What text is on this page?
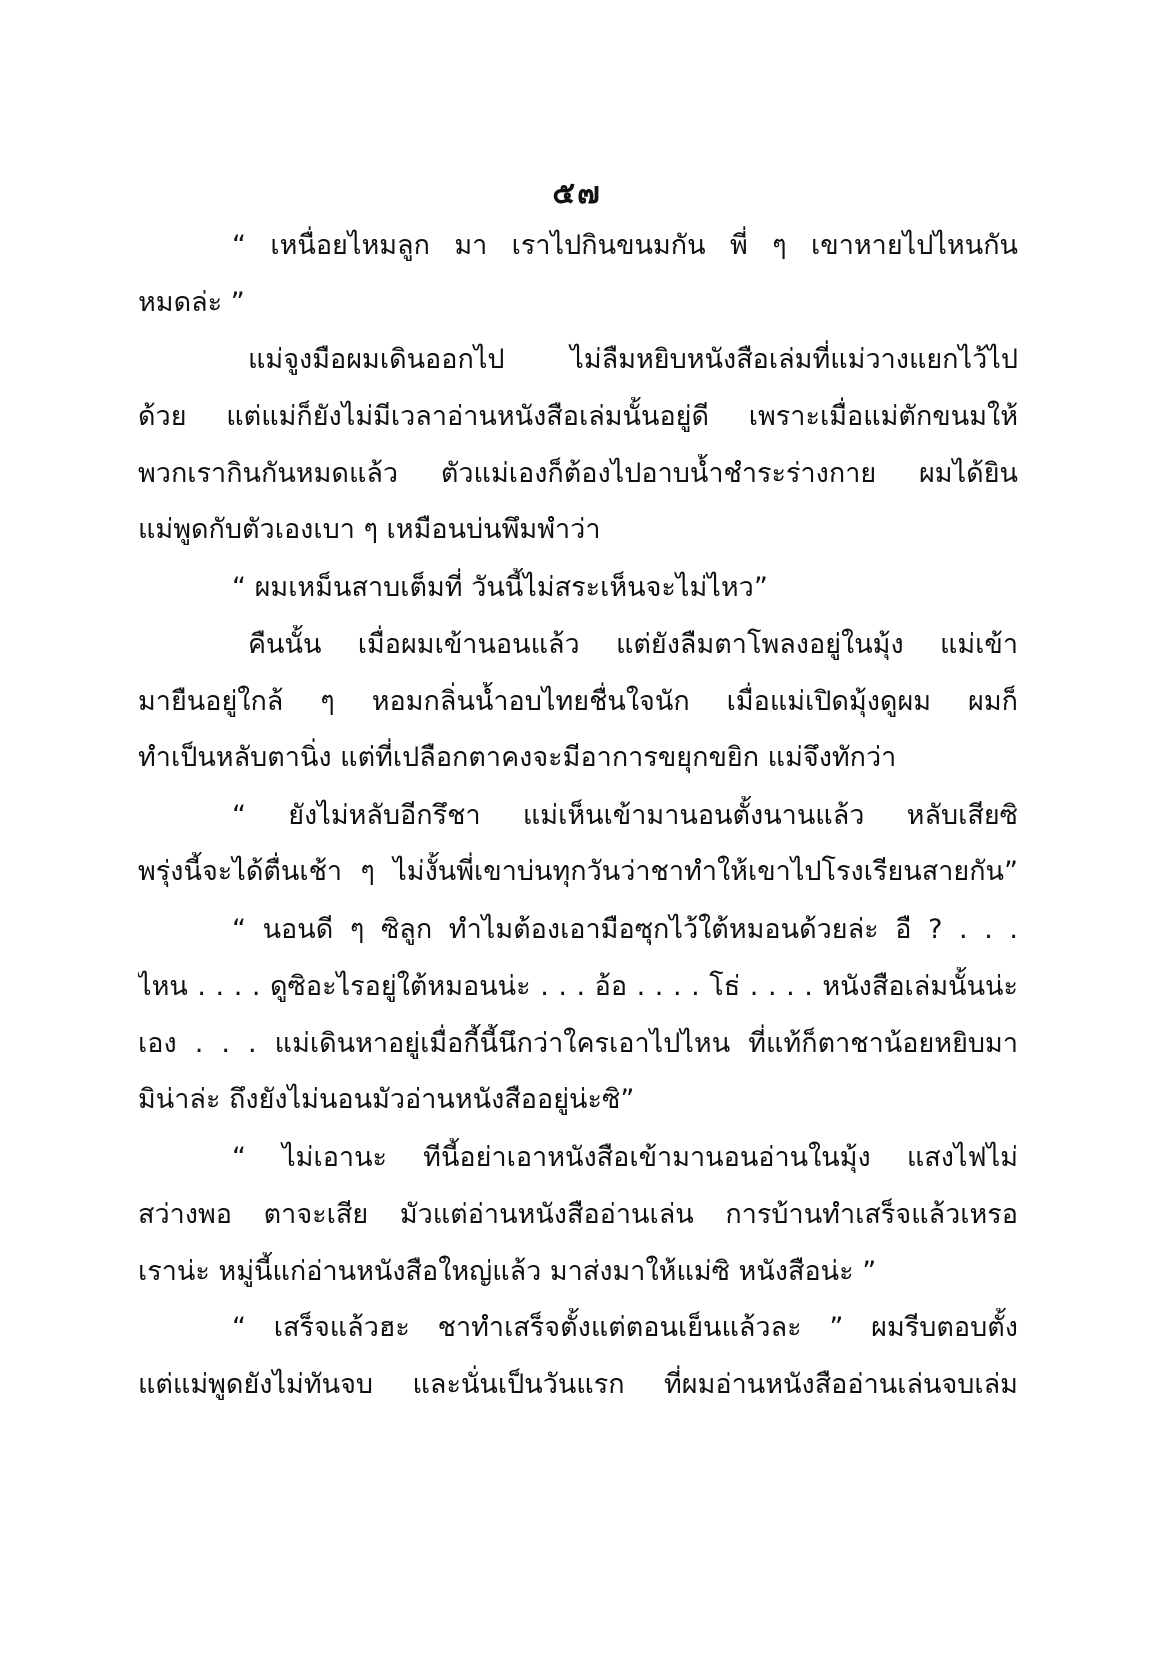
๕๗
“ เหนื่อยไหมลูก มา เราไปกินขนมกัน พี่ ๆ เขาหายไปไหนกัน
หมดล่ะ ”
แม่จูงมือผมเดินออกไป ไม่ลืมหยิบหนังสือเล่มที่แม่วางแยกไว้ไป
ด้วย แต่แม่ก็ยังไม่มีเวลาอ่านหนังสือเล่มนั้นอยู่ดี เพราะเมื่อแม่ตักขนมให้
พวกเรากินกันหมดแล้ว ตัวแม่เองก็ต้องไปอาบน้ำชำระร่างกาย ผมได้ยิน
แม่พูดกับตัวเองเบา ๆ เหมือนบ่นพึมพำว่า
“ ผมเหม็นสาบเต็มที่ วันนี้ไม่สระเห็นจะไม่ไหว”
คืนนั้น เมื่อผมเข้านอนแล้ว แต่ยังลืมตาโพลงอยู่ในมุ้ง แม่เข้า
มายืนอยู่ใกล้ ๆ หอมกลิ่นน้ำอบไทยชื่นใจนัก เมื่อแม่เปิดมุ้งดูผม ผมก็
ทำเป็นหลับตานิ่ง แต่ที่เปลือกตาคงจะมีอาการขยุกขยิก แม่จึงทักว่า
“ ยังไม่หลับอีกรึชา แม่เห็นเข้ามานอนตั้งนานแล้ว หลับเสียซิ
พรุ่งนี้จะได้ตื่นเช้า ๆ ไม่งั้นพี่เขาบ่นทุกวันว่าชาทำให้เขาไปโรงเรียนสายกัน”
“ นอนดี ๆ ซิลูก ทำไมต้องเอามือซุกไว้ใต้หมอนด้วยล่ะ อื ? . . .
ไหน . . . . ดูซิอะไรอยู่ใต้หมอนน่ะ . . . อ้อ . . . . โธ่ . . . . หนังสือเล่มนั้นน่ะ
เอง . . . แม่เดินหาอยู่เมื่อกี้นี้นึกว่าใครเอาไปไหน ที่แท้ก็ตาชาน้อยหยิบมา
มิน่าล่ะ ถึงยังไม่นอนมัวอ่านหนังสืออยู่น่ะซิ”
“ ไม่เอานะ ทีนี้อย่าเอาหนังสือเข้ามานอนอ่านในมุ้ง แสงไฟไม่
สว่างพอ ตาจะเสีย มัวแต่อ่านหนังสืออ่านเล่น การบ้านทำเสร็จแล้วเหรอ
เราน่ะ หมู่นี้แก่อ่านหนังสือใหญ่แล้ว มาส่งมาให้แม่ซิ หนังสือน่ะ ”
“ เสร็จแล้วฮะ ชาทำเสร็จตั้งแต่ตอนเย็นแล้วละ ” ผมรีบตอบตั้ง
แต่แม่พูดยังไม่ทันจบ และนั่นเป็นวันแรก ที่ผมอ่านหนังสืออ่านเล่นจบเล่ม
